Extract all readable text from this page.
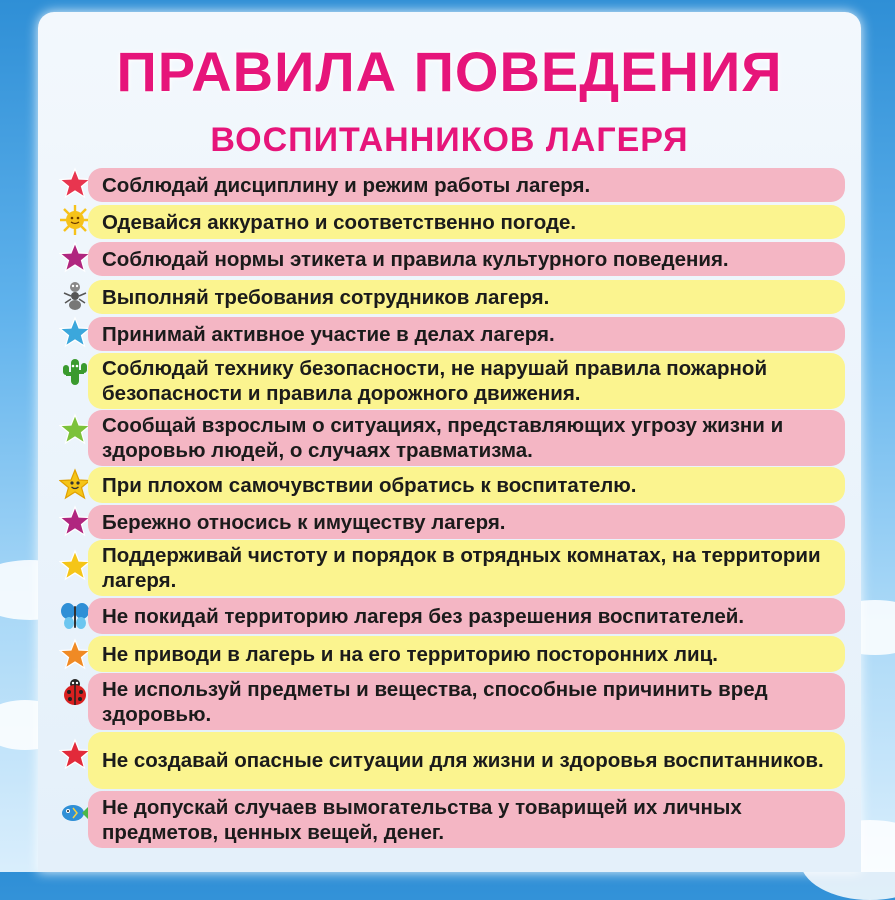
ПРАВИЛА ПОВЕДЕНИЯ
ВОСПИТАННИКОВ ЛАГЕРЯ
Соблюдай дисциплину и режим работы лагеря.
Одевайся аккуратно и соответственно погоде.
Соблюдай нормы этикета и правила культурного поведения.
Выполняй требования сотрудников лагеря.
Принимай активное участие в делах лагеря.
Соблюдай технику безопасности, не нарушай правила пожарной безопасности и правила дорожного движения.
Сообщай взрослым о ситуациях, представляющих угрозу жизни и здоровью людей, о случаях травматизма.
При плохом самочувствии обратись к воспитателю.
Бережно относись к имуществу лагеря.
Поддерживай чистоту и порядок в отрядных комнатах, на территории лагеря.
Не покидай территорию лагеря без разрешения воспитателей.
Не приводи в лагерь и на его территорию посторонних лиц.
Не используй предметы и вещества, способные причинить вред здоровью.
Не создавай опасные ситуации для жизни и здоровья воспитанников.
Не допускай случаев вымогательства у товарищей их личных предметов, ценных вещей, денег.
